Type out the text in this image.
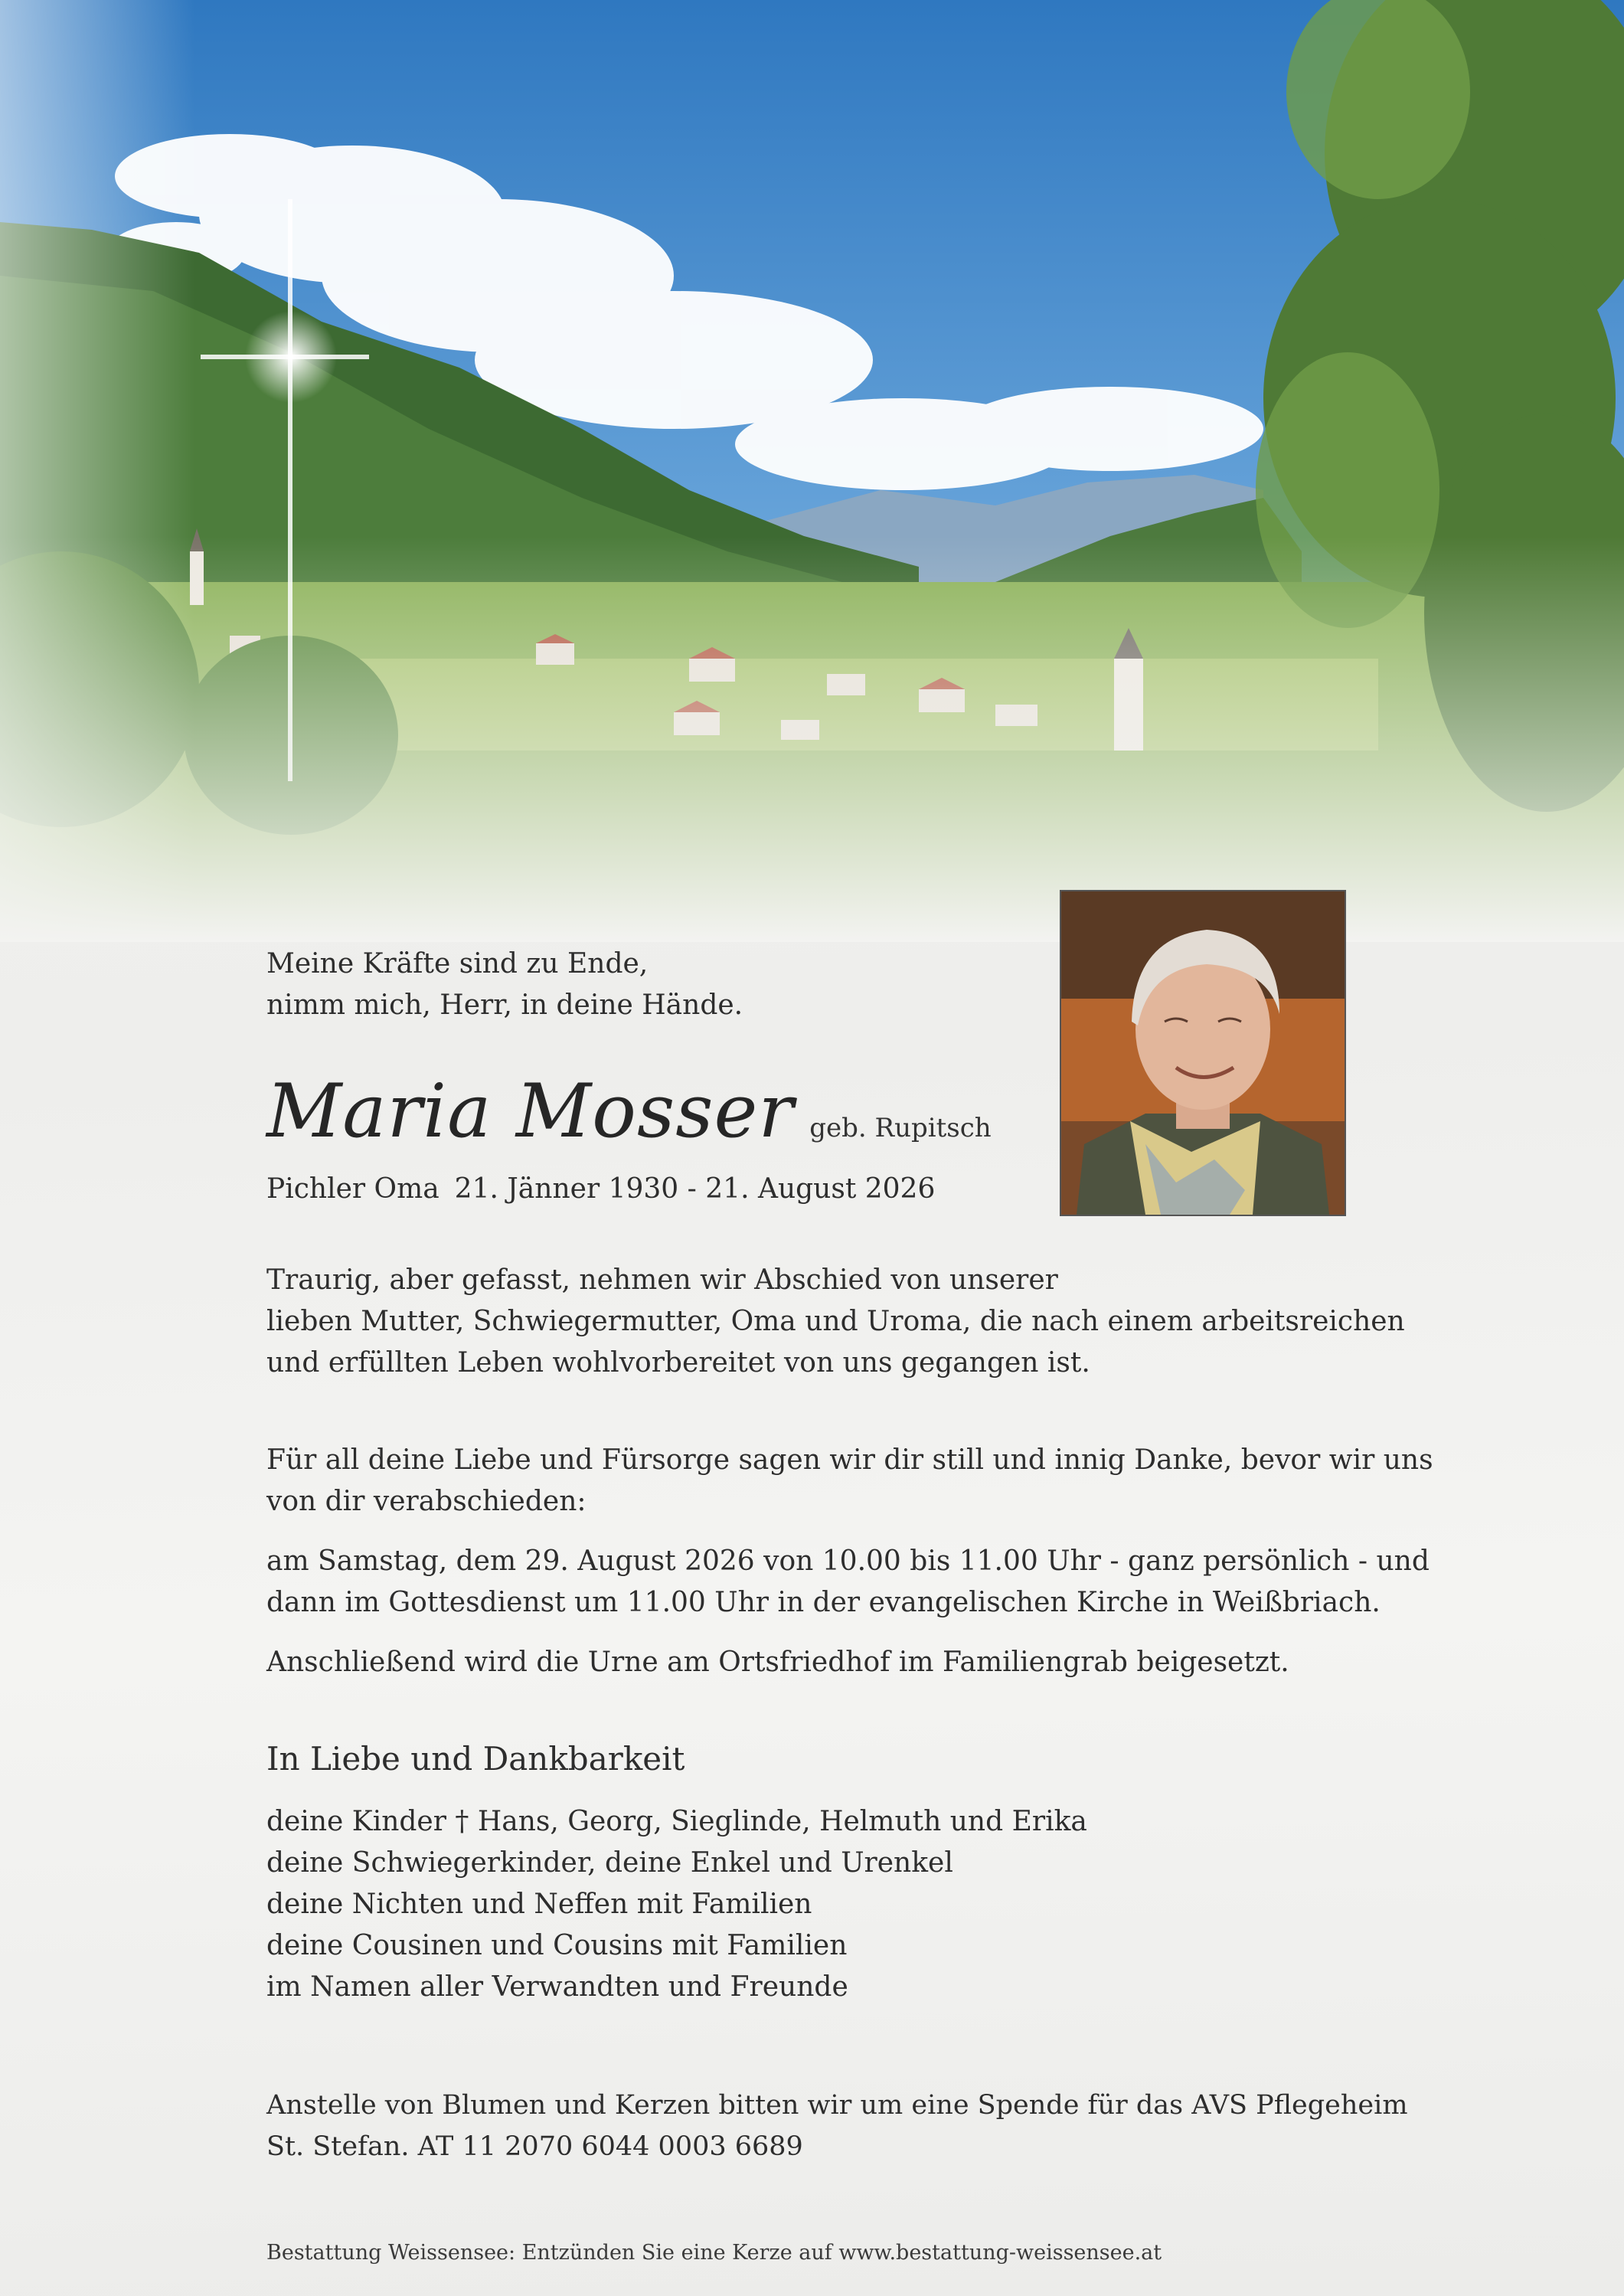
Meine Kräfte sind zu Ende,
nimm mich, Herr, in deine Hände.
Maria Mosser geb. Rupitsch
Pichler Oma 21. Jänner 1930 - 21. August 2026
Traurig, aber gefasst, nehmen wir Abschied von unserer
lieben Mutter, Schwiegermutter, Oma und Uroma, die nach einem arbeitsreichen
und erfüllten Leben wohlvorbereitet von uns gegangen ist.
Für all deine Liebe und Fürsorge sagen wir dir still und innig Danke, bevor wir uns
von dir verabschieden:
am Samstag, dem 29. August 2026 von 10.00 bis 11.00 Uhr - ganz persönlich - und
dann im Gottesdienst um 11.00 Uhr in der evangelischen Kirche in Weißbriach.
Anschließend wird die Urne am Ortsfriedhof im Familiengrab beigesetzt.
In Liebe und Dankbarkeit
deine Kinder † Hans, Georg, Sieglinde, Helmuth und Erika
deine Schwiegerkinder, deine Enkel und Urenkel
deine Nichten und Neffen mit Familien
deine Cousinen und Cousins mit Familien
im Namen aller Verwandten und Freunde
Anstelle von Blumen und Kerzen bitten wir um eine Spende für das AVS Pflegeheim
St. Stefan. AT 11 2070 6044 0003 6689
Bestattung Weissensee: Entzünden Sie eine Kerze auf www.bestattung-weissensee.at
